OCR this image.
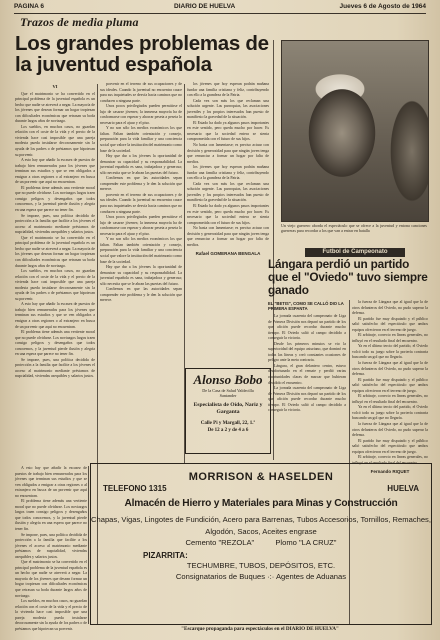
PAGINA 6	DIARIO DE HUELVA	Jueves 6 de Agosto de 1964
Trazos de media pluma
Los grandes problemas de la juventud española

VI

Que el matrimonio se ha convertido en el principal problema de la juventud española es un hecho que nadie se atreverá a negar. La mayoría de los jóvenes que desean formar un hogar tropiezan con dificultades económicas que retrasan su boda durante largos años de noviazgo.

Los sueldos, en muchos casos, no guardan relación con el coste de la vida y el precio de la vivienda hace casi imposible que una pareja modesta pueda instalarse decorosamente sin la ayuda de los padres o de préstamos que hipotecan su porvenir.

A esto hay que añadir la escasez de puestos de trabajo bien remunerados para los jóvenes que terminan sus estudios y que se ven obligados a emigrar a otras regiones o al extranjero en busca de un porvenir que aquí no encuentran.

El problema tiene además una vertiente moral que no puede olvidarse. Los noviazgos largos traen consigo peligros y desengaños que todos conocemos, y la juventud pierde ilusión y alegría en una espera que parece no tener fin.

Se impone, pues, una política decidida de protección a la familia que facilite a los jóvenes el acceso al matrimonio mediante préstamos de nupcialidad, viviendas asequibles y salarios justos.

Que el matrimonio se ha convertido en el principal problema de la juventud española es un hecho que nadie se atreverá a negar. La mayoría de los jóvenes que desean formar un hogar tropiezan con dificultades económicas que retrasan su boda durante largos años de noviazgo.

Los sueldos, en muchos casos, no guardan relación con el coste de la vida y el precio de la vivienda hace casi imposible que una pareja modesta pueda instalarse decorosamente sin la ayuda de los padres o de préstamos que hipotecan su porvenir.

A esto hay que añadir la escasez de puestos de trabajo bien remunerados para los jóvenes que terminan sus estudios y que se ven obligados a emigrar a otras regiones o al extranjero en busca de un porvenir que aquí no encuentran.

El problema tiene además una vertiente moral que no puede olvidarse. Los noviazgos largos traen consigo peligros y desengaños que todos conocemos, y la juventud pierde ilusión y alegría en una espera que parece no tener fin.

Se impone, pues, una política decidida de protección a la familia que facilite a los jóvenes el acceso al matrimonio mediante préstamos de nupcialidad, viviendas asequibles y salarios justos.

porvenir en el terreno de sus ocupaciones y de sus ideales. Cuando la juventud no encuentra cauce para sus inquietudes se desvía hacia caminos que no conducen a ninguna parte.

Unos pocos privilegiados pueden permitirse el lujo de casarse jóvenes; la inmensa mayoría ha de conformarse con esperar y ahorrar peseta a peseta lo necesario para el ajuar y el piso.

Y no son sólo los medios económicos los que faltan. Faltan también orientación y consejo, preparación para la vida familiar y una conciencia social que valore la institución del matrimonio como base de la sociedad.

Hay que dar a los jóvenes la oportunidad de demostrar su capacidad y su responsabilidad. La juventud española es sana, trabajadora y generosa; sólo necesita que se le abran las puertas del futuro.

Confiemos en que las autoridades sepan comprender este problema y le den la solución que merece.

porvenir en el terreno de sus ocupaciones y de sus ideales. Cuando la juventud no encuentra cauce para sus inquietudes se desvía hacia caminos que no conducen a ninguna parte.

Unos pocos privilegiados pueden permitirse el lujo de casarse jóvenes; la inmensa mayoría ha de conformarse con esperar y ahorrar peseta a peseta lo necesario para el ajuar y el piso.

Y no son sólo los medios económicos los que faltan. Faltan también orientación y consejo, preparación para la vida familiar y una conciencia social que valore la institución del matrimonio como base de la sociedad.

Hay que dar a los jóvenes la oportunidad de demostrar su capacidad y su responsabilidad. La juventud española es sana, trabajadora y generosa; sólo necesita que se le abran las puertas del futuro.

Confiemos en que las autoridades sepan comprender este problema y le den la solución que merece.

los jóvenes que hoy esperan podrán mañana fundar una familia cristiana y feliz, contribuyendo con ello a la grandeza de la Patria.

Cada vez son más los que reclaman una solución urgente. Las parroquias, las asociaciones juveniles y los propios interesados han puesto de manifiesto la gravedad de la situación.

El Estado ha dado ya algunos pasos importantes en este sentido, pero queda mucho por hacer. Es necesario que la sociedad entera se sienta comprometida con el futuro de sus hijos.

No basta con lamentarse; es preciso actuar con decisión y generosidad para que ningún joven tenga que renunciar a formar un hogar por falta de medios.

los jóvenes que hoy esperan podrán mañana fundar una familia cristiana y feliz, contribuyendo con ello a la grandeza de la Patria.

Cada vez son más los que reclaman una solución urgente. Las parroquias, las asociaciones juveniles y los propios interesados han puesto de manifiesto la gravedad de la situación.

El Estado ha dado ya algunos pasos importantes en este sentido, pero queda mucho por hacer. Es necesario que la sociedad entera se sienta comprometida con el futuro de sus hijos.

No basta con lamentarse; es preciso actuar con decisión y generosidad para que ningún joven tenga que renunciar a formar un hogar por falta de medios.

Rafael GOMERANA BENGALA

Un viejo guerrero aborda el espectáculo que se ofrece a la juventud y entona canciones guerreras para recordar a los que van a entrar en batalla
Futbol de Campeonato
Lángara perdió un partido que el "Oviedo" tuvo siempre ganado
EL "BETIS", COMO SE CALLÓ DIO LA PRIMERA ESPANTA

La jornada cuarenta del campeonato de Liga de Primera División nos deparó un partido de los que afición puede recordar durante mucho tiempo. El Oviedo salió al campo decidido a conseguir la victoria.

Desde los primeros minutos se vio la superioridad del equipo asturiano, que dominó en todas las líneas y creó constantes ocasiones de peligro ante la meta contraria.

Lángara, el gran delantero centro, estuvo desafortunado en el remate y perdió varias oportunidades claras de marcar que hubieran decidido el encuentro.

La jornada cuarenta del campeonato de Liga de Primera División nos deparó un partido de los que afición puede recordar durante mucho tiempo. El Oviedo salió al campo decidido a conseguir la victoria.

la fuerza de Lángara que al igual que la de otros delanteros del Oviedo, no pudo superar la defensa.

El partido fue muy disputado y el público salió satisfecho del espectáculo que ambos equipos ofrecieron en el terreno de juego.

El arbitraje, correcto en líneas generales, no influyó en el resultado final del encuentro.

Ya en el último tercio del partido, el Oviedo volcó todo su juego sobre la portería contraria buscando un gol que no llegaría.

la fuerza de Lángara que al igual que la de otros delanteros del Oviedo, no pudo superar la defensa.

El partido fue muy disputado y el público salió satisfecho del espectáculo que ambos equipos ofrecieron en el terreno de juego.

El arbitraje, correcto en líneas generales, no influyó en el resultado final del encuentro.

Ya en el último tercio del partido, el Oviedo volcó todo su juego sobre la portería contraria buscando un gol que no llegaría.

la fuerza de Lángara que al igual que la de otros delanteros del Oviedo, no pudo superar la defensa.

El partido fue muy disputado y el público salió satisfecho del espectáculo que ambos equipos ofrecieron en el terreno de juego.

El arbitraje, correcto en líneas generales, no influyó en el resultado final del encuentro.

Fernando RIQUET

A esto hay que añadir la escasez de puestos de trabajo bien remunerados para los jóvenes que terminan sus estudios y que se ven obligados a emigrar a otras regiones o al extranjero en busca de un porvenir que aquí no encuentran.

El problema tiene además una vertiente moral que no puede olvidarse. Los noviazgos largos traen consigo peligros y desengaños que todos conocemos, y la juventud pierde ilusión y alegría en una espera que parece no tener fin.

Se impone, pues, una política decidida de protección a la familia que facilite a los jóvenes el acceso al matrimonio mediante préstamos de nupcialidad, viviendas asequibles y salarios justos.

Que el matrimonio se ha convertido en el principal problema de la juventud española es un hecho que nadie se atreverá a negar. La mayoría de los jóvenes que desean formar un hogar tropiezan con dificultades económicas que retrasan su boda durante largos años de noviazgo.

Los sueldos, en muchos casos, no guardan relación con el coste de la vida y el precio de la vivienda hace casi imposible que una pareja modesta pueda instalarse decorosamente sin la ayuda de los padres o de préstamos que hipotecan su porvenir.

Alonso Bobo
De la Casa de Salud Valdecilla
Santander
Especialista de Oído, Nariz y Garganta
Calle Pi y Margall, 22, 1.º
De 12 a 2 y de 4 a 6
MORRISON & HASELDEN
TELEFONO 1315	HUELVA
Almacén de Hierro y Materiales para Minas y Construcción
Chapas, Vigas, Lingotes de Fundición, Acero para Barrenas, Tubos Accesorios, Tornillos, Remaches, Algodón, Sacos, Aceites engrase
Cemento "REZOLA"          Plomo "LA CRUZ"
PIZARRITA:
TECHUMBRE, TUBOS, DEPÓSITOS, ETC.
Consignatarios de Buques ·:· Agentes de Aduanas
"Escarque propaganda para espectáculos en el DIARIO DE HUELVA"
